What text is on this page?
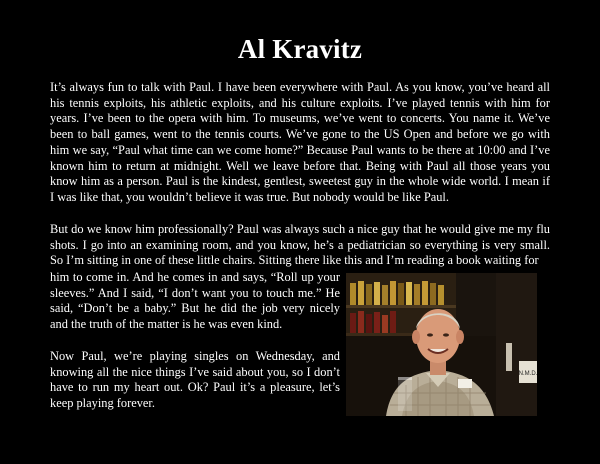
Al Kravitz

It’s always fun to talk with Paul. I have been everywhere with Paul. As you know, you’ve heard all his tennis exploits, his athletic exploits, and his culture exploits. I’ve played tennis with him for years. I’ve been to the opera with him. To museums, we’ve went to concerts. You name it. We’ve been to ball games, went to the tennis courts. We’ve gone to the US Open and before we go with him we say, “Paul what time can we come home?” Because Paul wants to be there at 10:00 and I’ve known him to return at midnight. Well we leave before that. Being with Paul all those years you know him as a person. Paul is the kindest, gentlest, sweetest guy in the whole wide world. I mean if I was like that, you wouldn’t believe it was true. But nobody would be like Paul.

But do we know him professionally? Paul was always such a nice guy that he would give me my flu shots. I go into an examining room, and you know, he’s a pediatrician so everything is very small. So I’m sitting in one of these little chairs. Sitting there like this and I’m reading a book waiting for

him to come in. And he comes in and says, “Roll up your sleeves.” And I said, “I don’t want you to touch me.” He said, “Don’t be a baby.” But he did the job very nicely and the truth of the matter is he was even kind.

Now Paul, we’re playing singles on Wednesday, and knowing all the nice things I’ve said about you, so I don’t have to run my heart out. Ok? Paul it’s a pleasure, let’s keep playing forever.

N.M.D.
